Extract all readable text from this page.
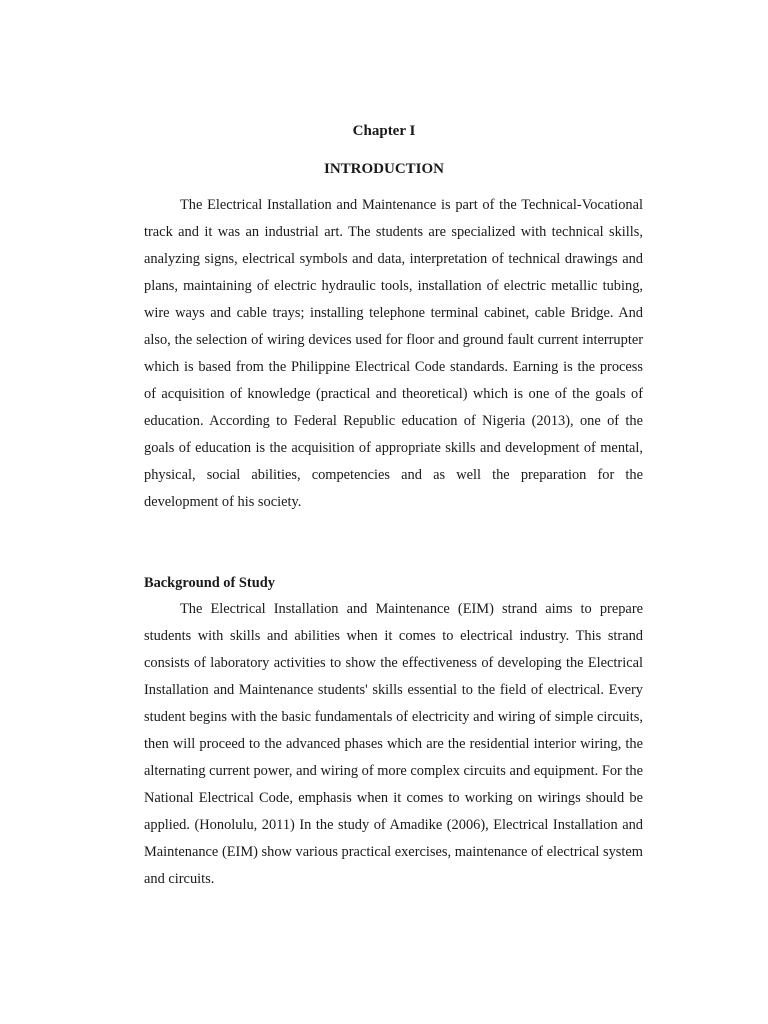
Chapter I
INTRODUCTION

The Electrical Installation and Maintenance is part of the Technical-Vocational track and it was an industrial art. The students are specialized with technical skills, analyzing signs, electrical symbols and data, interpretation of technical drawings and plans, maintaining of electric hydraulic tools, installation of electric metallic tubing, wire ways and cable trays; installing telephone terminal cabinet, cable Bridge. And also, the selection of wiring devices used for floor and ground fault current interrupter which is based from the Philippine Electrical Code standards. Earning is the process of acquisition of knowledge (practical and theoretical) which is one of the goals of education. According to Federal Republic education of Nigeria (2013), one of the goals of education is the acquisition of appropriate skills and development of mental, physical, social abilities, competencies and as well the preparation for the development of his society.

Background of Study

The Electrical Installation and Maintenance (EIM) strand aims to prepare students with skills and abilities when it comes to electrical industry. This strand consists of laboratory activities to show the effectiveness of developing the Electrical Installation and Maintenance students' skills essential to the field of electrical. Every student begins with the basic fundamentals of electricity and wiring of simple circuits, then will proceed to the advanced phases which are the residential interior wiring, the alternating current power, and wiring of more complex circuits and equipment. For the National Electrical Code, emphasis when it comes to working on wirings should be applied. (Honolulu, 2011) In the study of Amadike (2006), Electrical Installation and Maintenance (EIM) show various practical exercises, maintenance of electrical system and circuits.
